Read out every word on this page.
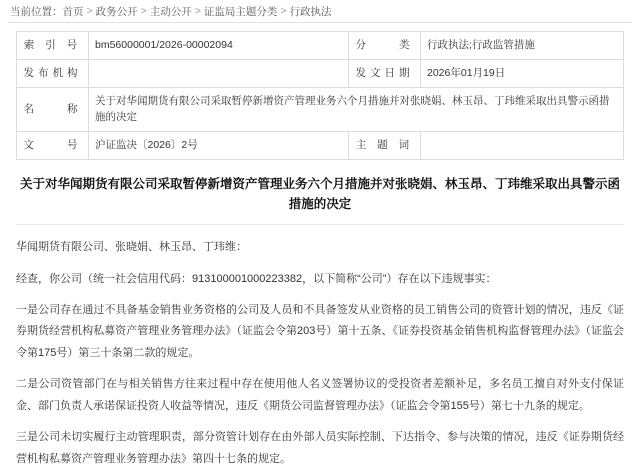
当前位置： 首页 > 政务公开 > 主动公开 > 证监局主题分类 > 行政执法
索 引 号	bm56000001/2026-00002094	分　　类	行政执法;行政监管措施
发布机构		发文日期	2026年01月19日
名　　称	关于对华闻期货有限公司采取暂停新增资产管理业务六个月措施并对张晓娟、林玉昂、丁玮维采取出具警示函措施的决定		
文　　号	沪证监决〔2026〕2号	主 题 词	
关于对华闻期货有限公司采取暂停新增资产管理业务六个月措施并对张晓娟、林玉昂、丁玮维采取出具警示函措施的决定

华闻期货有限公司、张晓娟、林玉昂、丁玮维：

经查，你公司（统一社会信用代码：913100001000223382，以下简称“公司”）存在以下违规事实：

一是公司存在通过不具备基金销售业务资格的公司及人员和不具备签发从业资格的员工销售公司的资管计划的情况，违反《证券期货经营机构私募资产管理业务管理办法》（证监会令第203号）第十五条、《证券投资基金销售机构监督管理办法》（证监会令第175号）第三十条第二款的规定。

二是公司资管部门在与相关销售方往来过程中存在使用他人名义签署协议的受投资者差额补足，多名员工擅自对外支付保证金、部门负责人承诺保证投资人收益等情况，违反《期货公司监督管理办法》（证监会令第155号）第七十九条的规定。

三是公司未切实履行主动管理职责，部分资管计划存在由外部人员实际控制、下达指令、参与决策的情况，违反《证券期货经营机构私募资产管理业务管理办法》第四十七条的规定。
